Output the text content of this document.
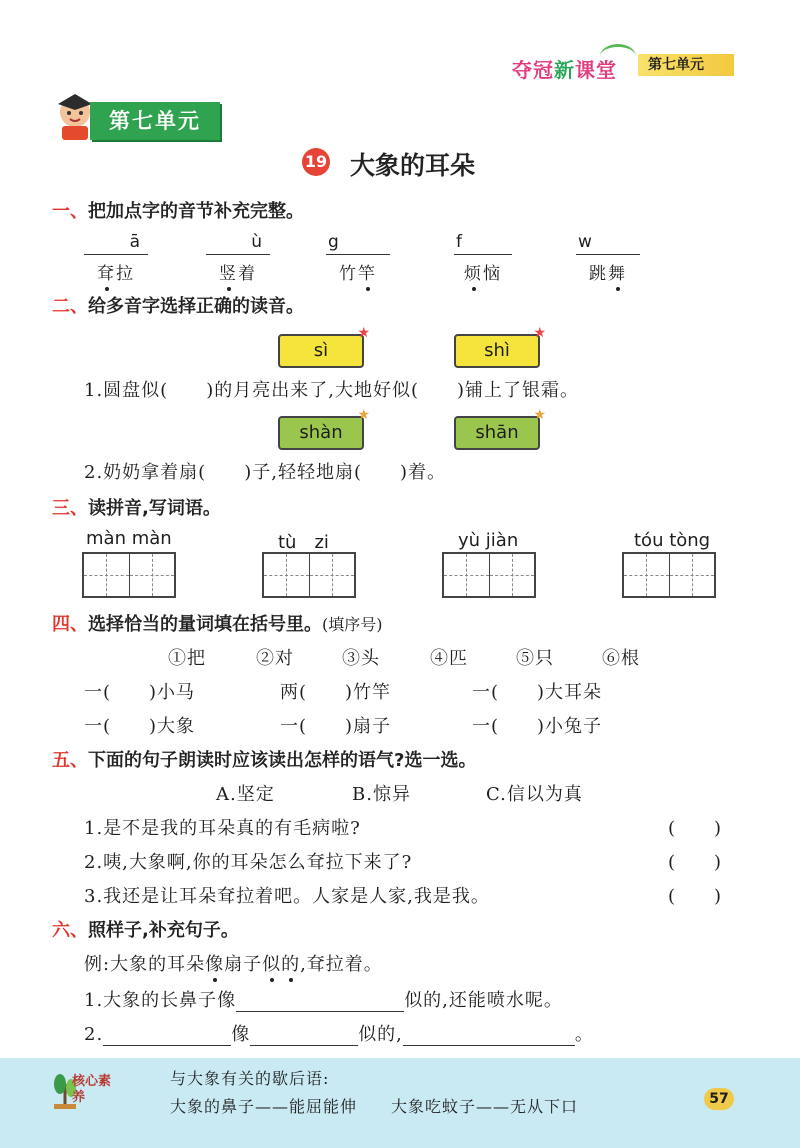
夺冠新课堂	第七单元
第七单元
19 大象的耳朵
一、把加点字的音节补充完整。
ā
耷拉
ù
竖着
g
竹竿
f
烦恼
w
跳舞
二、给多音字选择正确的读音。
sì
★
shì
★
1.圆盘似(　　)的月亮出来了,大地好似(　　)铺上了银霜。
shàn
★
shān
★
2.奶奶拿着扇(　　)子,轻轻地扇(　　)着。
三、读拼音,写词语。
màn màn	tù　zi	yù jiàn	tóu tòng
四、选择恰当的量词填在括号里。(填序号)
①把	②对	③头	④匹	⑤只	⑥根
一(　　)小马	两(　　)竹竿	一(　　)大耳朵
一(　　)大象	一(　　)扇子	一(　　)小兔子
五、下面的句子朗读时应该读出怎样的语气?选一选。
A.坚定	B.惊异	C.信以为真
1.是不是我的耳朵真的有毛病啦?	(　　)
2.咦,大象啊,你的耳朵怎么耷拉下来了?	(　　)
3.我还是让耳朵耷拉着吧。人家是人家,我是我。	(　　)
六、照样子,补充句子。
例:大象的耳朵像扇子似的,耷拉着。
1.大象的长鼻子像	似的,还能喷水呢。
2.	像	似的,	。
核心素养
与大象有关的歇后语:
大象的鼻子——能屈能伸　　大象吃蚊子——无从下口	57
